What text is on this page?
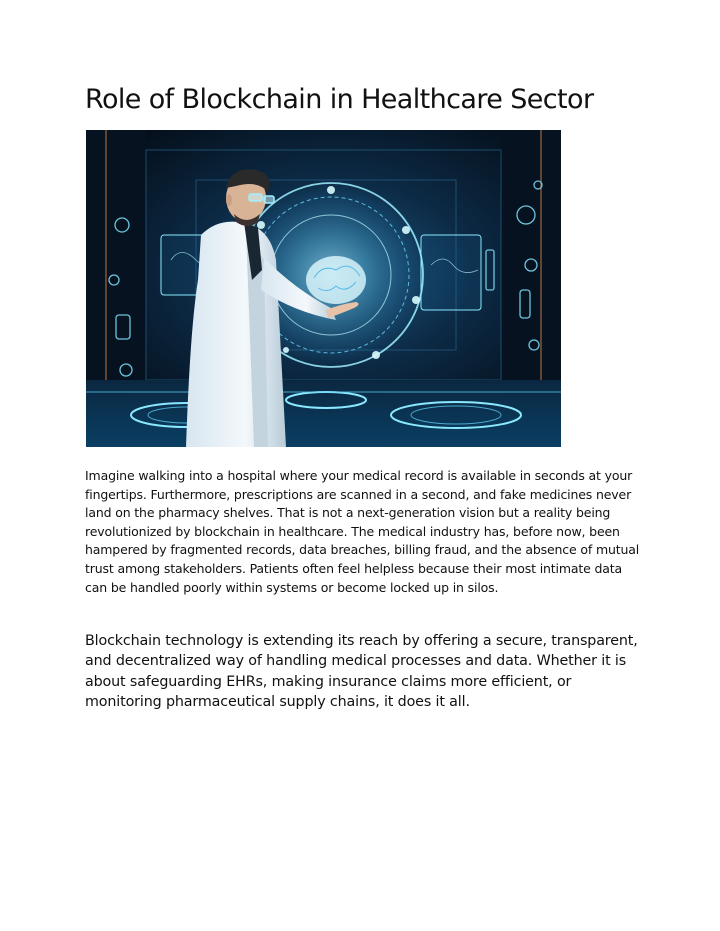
Role of Blockchain in Healthcare Sector

Imagine walking into a hospital where your medical record is available in seconds at your fingertips. Furthermore, prescriptions are scanned in a second, and fake medicines never land on the pharmacy shelves. That is not a next-generation vision but a reality being revolutionized by blockchain in healthcare. The medical industry has, before now, been hampered by fragmented records, data breaches, billing fraud, and the absence of mutual trust among stakeholders. Patients often feel helpless because their most intimate data can be handled poorly within systems or become locked up in silos.

Blockchain technology is extending its reach by offering a secure, transparent, and decentralized way of handling medical processes and data. Whether it is about safeguarding EHRs, making insurance claims more efficient, or monitoring pharmaceutical supply chains, it does it all.
